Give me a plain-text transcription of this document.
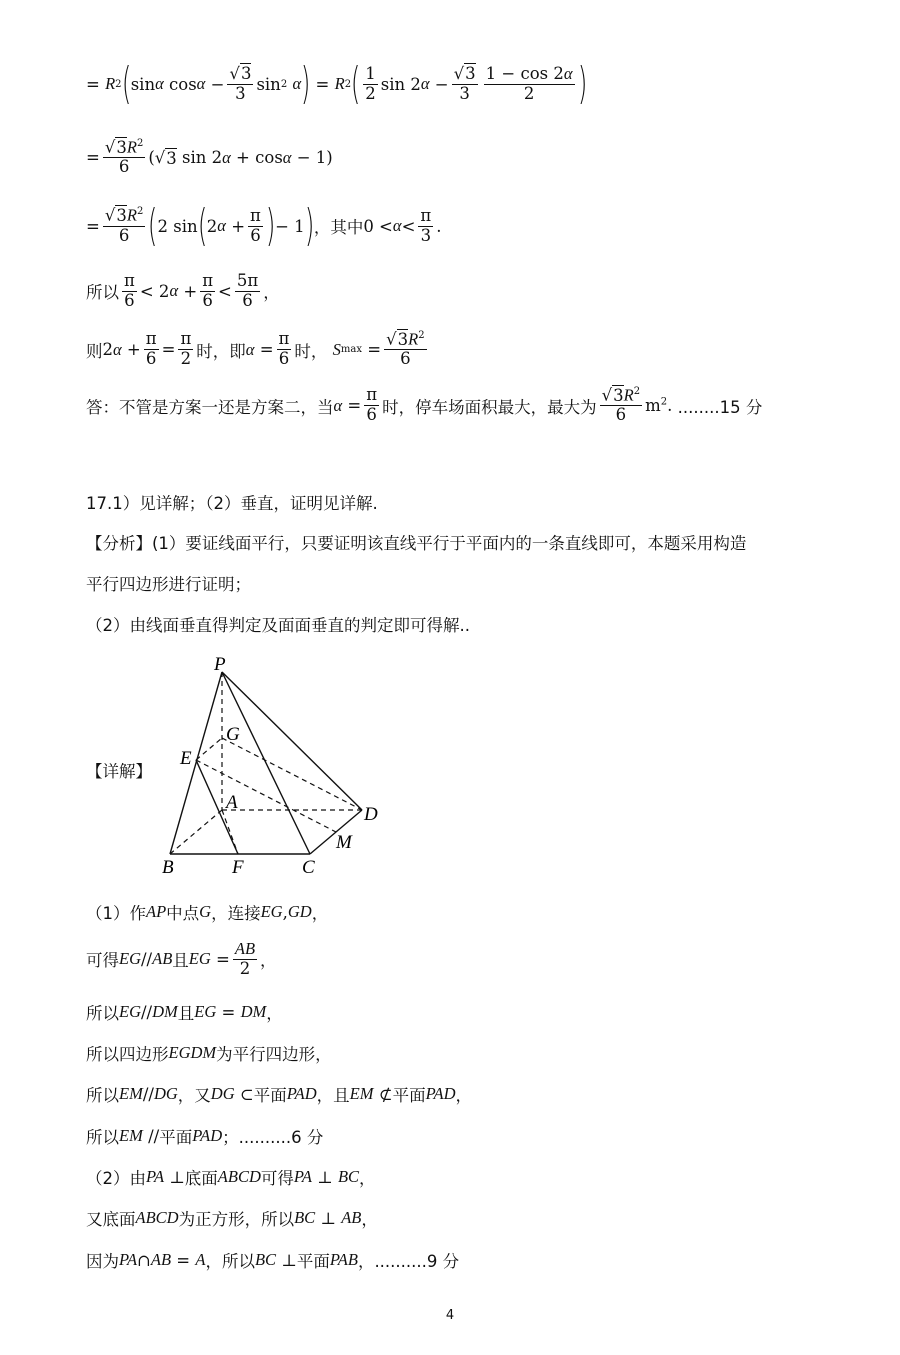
=
R 2 ( sin α
$\cos \alpha - \frac{√3}{3}$ sin 2
α ) = R 2 ( $\frac{1}{2}$ sin 2 $\alpha - \frac{√3}{3} \frac{1 - \cos 2\alpha}{2}$ )
= $\frac{√3R^2}{6}$ ( √ 3
sin 2 α + cos α − 1)
= $\frac{√3R^2}{6}$ ( 2 sin ( 2 $\alpha + \frac{\pi}{6}$ ) − 1 ) ， 其中 $0 < \alpha < \frac{\pi}{3}$ .
所以 $\frac{\pi}{6} < 2$ $\alpha + \frac{\pi}{6} < \frac{5\pi}{6}$ ，
则 2 $\alpha + \frac{\pi}{6} = \frac{\pi}{2}$ 时，即 $\alpha = \frac{\pi}{6}$ 时，
S $\max = \frac{√3R^2}{6}$
答：不管是方案一还是方案二，当 $\alpha = \frac{\pi}{6}$ 时，停车场面积最大，最大为 $\frac{√3R^2}{6} m^2$. ........15 分
17.1）见详解；（2）垂直，证明见详解.
【分析】(1）要证线面平行，只要证明该直线平行于平面内的一条直线即可，本题采用构造
平行四边形进行证明；
（2）由线面垂直得判定及面面垂直的判定即可得解..
【详解】
P
G
E
A
D
M
B	F	C
（1）作 AP 中点 G ，连接 EG , GD ，
可得 EG // AB 且 EG = $\frac{AB}{2}$ ，
所以 EG // DM 且 EG = DM ，
所以四边形 EGDM 为平行四边形，
所以 EM // DG ，又 DG ⊂ 平面 PAD ，且 EM ⊄ 平面 PAD ，
所以 EM // 平面 PAD ；..........6 分
（2）由 PA ⊥ 底面 ABCD 可得 PA ⊥ BC ，
又底面 ABCD 为正方形，所以 BC ⊥ AB ，
因为 PA ∩ AB = A ，所以 BC ⊥ 平面 PAB ，..........9 分
4
